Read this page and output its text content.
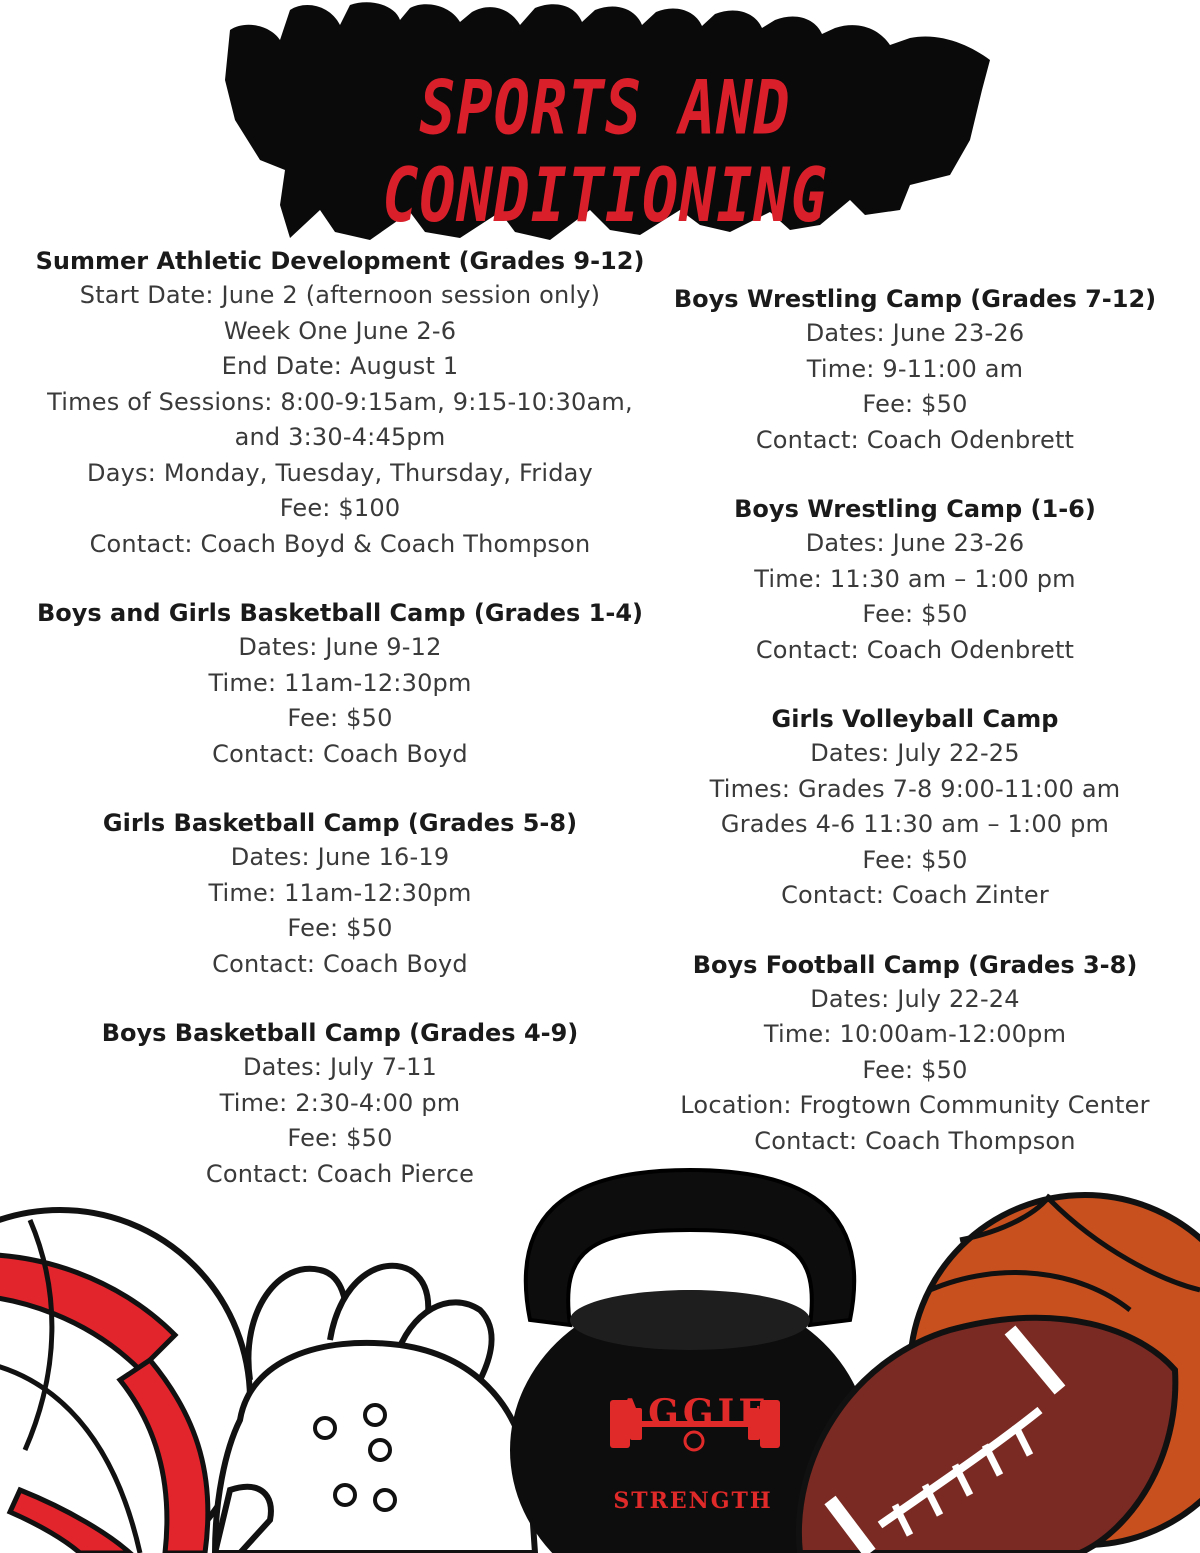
SPORTS AND CONDITIONING
Summer Athletic Development (Grades 9-12)
Start Date: June 2 (afternoon session only)
Week One June 2-6
End Date: August 1
Times of Sessions: 8:00-9:15am, 9:15-10:30am,
and 3:30-4:45pm
Days: Monday, Tuesday, Thursday, Friday
Fee: $100
Contact: Coach Boyd & Coach Thompson
Boys and Girls Basketball Camp (Grades 1-4)
Dates: June 9-12
Time: 11am-12:30pm
Fee: $50
Contact: Coach Boyd
Girls Basketball Camp (Grades 5-8)
Dates: June 16-19
Time: 11am-12:30pm
Fee: $50
Contact: Coach Boyd
Boys Basketball Camp (Grades 4-9)
Dates: July 7-11
Time: 2:30-4:00 pm
Fee: $50
Contact: Coach Pierce
Boys Wrestling Camp (Grades 7-12)
Dates: June 23-26
Time: 9-11:00 am
Fee: $50
Contact: Coach Odenbrett
Boys Wrestling Camp (1-6)
Dates: June 23-26
Time: 11:30 am – 1:00 pm
Fee: $50
Contact: Coach Odenbrett
Girls Volleyball Camp
Dates: July 22-25
Times: Grades 7-8 9:00-11:00 am
Grades 4-6 11:30 am – 1:00 pm
Fee: $50
Contact: Coach Zinter
Boys Football Camp (Grades 3-8)
Dates: July 22-24
Time: 10:00am-12:00pm
Fee: $50
Location: Frogtown Community Center
Contact: Coach Thompson
AGGIE
STRENGTH
